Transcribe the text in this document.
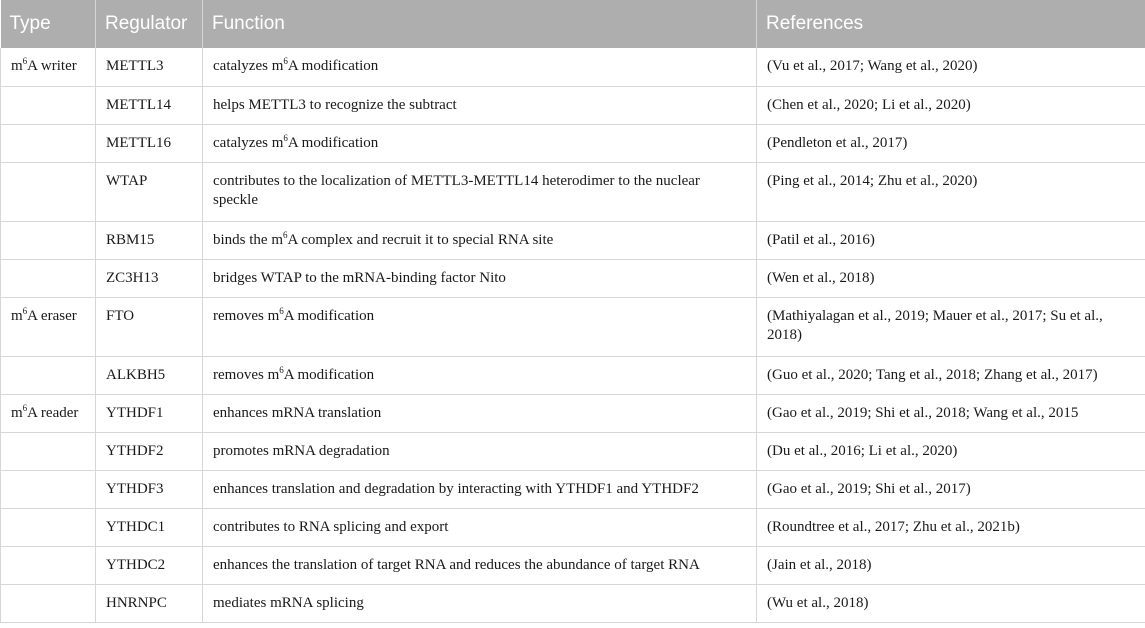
Type	Regulator	Function	References
$m^6A$ writer	METTL3	catalyzes $m^6A$ modification	(Vu et al., 2017; Wang et al., 2020)
	METTL14	helps METTL3 to recognize the subtract	(Chen et al., 2020; Li et al., 2020)
	METTL16	catalyzes $m^6A$ modification	(Pendleton et al., 2017)
	WTAP	contributes to the localization of METTL3-METTL14 heterodimer to the nuclear speckle	(Ping et al., 2014; Zhu et al., 2020)
	RBM15	binds the $m^6A$ complex and recruit it to special RNA site	(Patil et al., 2016)
	ZC3H13	bridges WTAP to the mRNA-binding factor Nito	(Wen et al., 2018)
$m^6A$ eraser	FTO	removes $m^6A$ modification	(Mathiyalagan et al., 2019; Mauer et al., 2017; Su et al., 2018)
	ALKBH5	removes $m^6A$ modification	(Guo et al., 2020; Tang et al., 2018; Zhang et al., 2017)
$m^6A$ reader	YTHDF1	enhances mRNA translation	(Gao et al., 2019; Shi et al., 2018; Wang et al., 2015
	YTHDF2	promotes mRNA degradation	(Du et al., 2016; Li et al., 2020)
	YTHDF3	enhances translation and degradation by interacting with YTHDF1 and YTHDF2	(Gao et al., 2019; Shi et al., 2017)
	YTHDC1	contributes to RNA splicing and export	(Roundtree et al., 2017; Zhu et al., 2021b)
	YTHDC2	enhances the translation of target RNA and reduces the abundance of target RNA	(Jain et al., 2018)
	HNRNPC	mediates mRNA splicing	(Wu et al., 2018)
